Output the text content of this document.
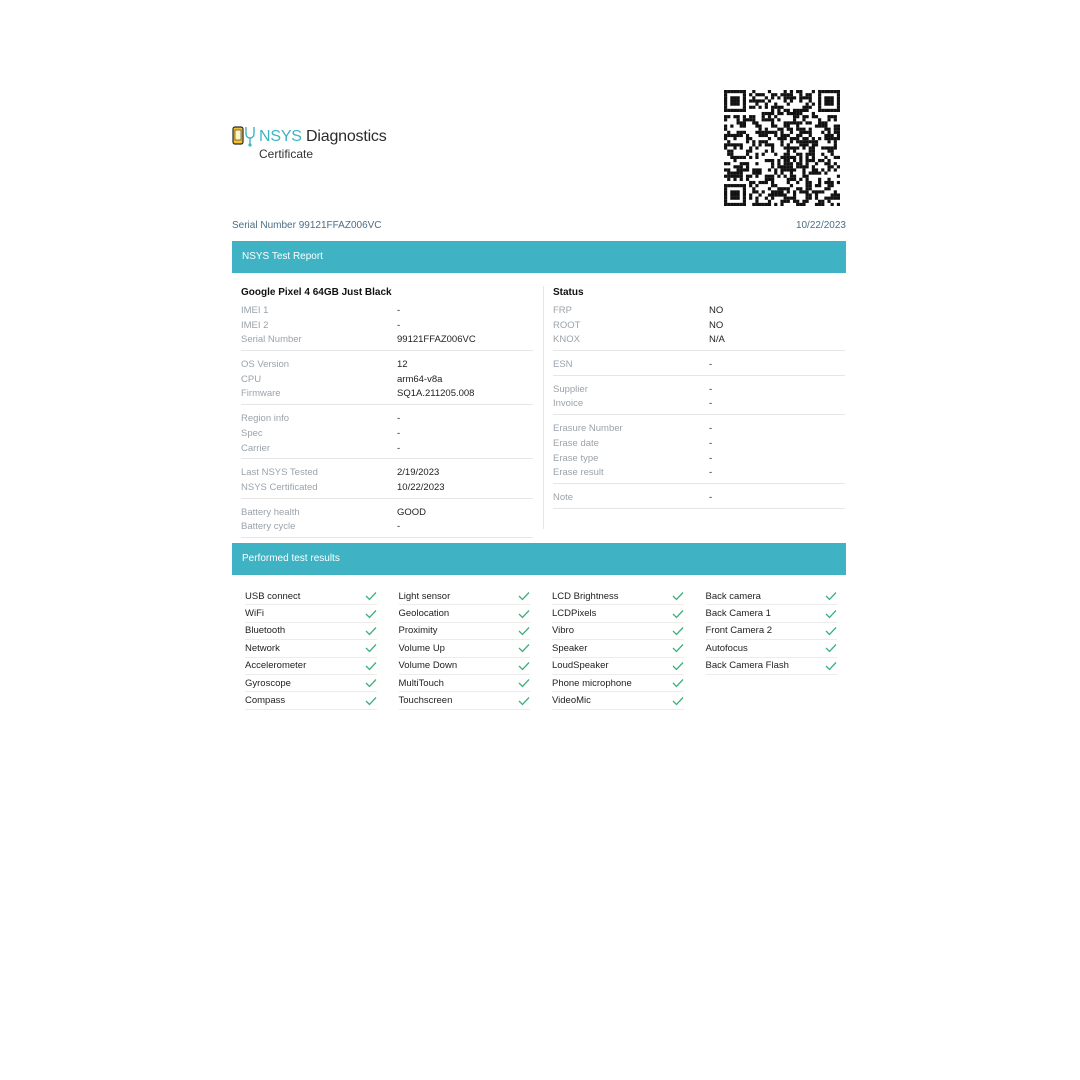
NSYS Diagnostics
Certificate
Serial Number 99121FFAZ006VC	10/22/2023
NSYS Test Report
Google Pixel 4 64GB Just Black
IMEI 1	-
IMEI 2	-
Serial Number	99121FFAZ006VC
OS Version	12
CPU	arm64-v8a
Firmware	SQ1A.211205.008
Region info	-
Spec	-
Carrier	-
Last NSYS Tested	2/19/2023
NSYS Certificated	10/22/2023
Battery health	GOOD
Battery cycle	-
Status
FRP	NO
ROOT	NO
KNOX	N/A
ESN	-
Supplier	-
Invoice	-
Erasure Number	-
Erase date	-
Erase type	-
Erase result	-
Note	-
Performed test results
USB connect
WiFi
Bluetooth
Network
Accelerometer
Gyroscope
Compass
Light sensor
Geolocation
Proximity
Volume Up
Volume Down
MultiTouch
Touchscreen
LCD Brightness
LCDPixels
Vibro
Speaker
LoudSpeaker
Phone microphone
VideoMic
Back camera
Back Camera 1
Front Camera 2
Autofocus
Back Camera Flash
